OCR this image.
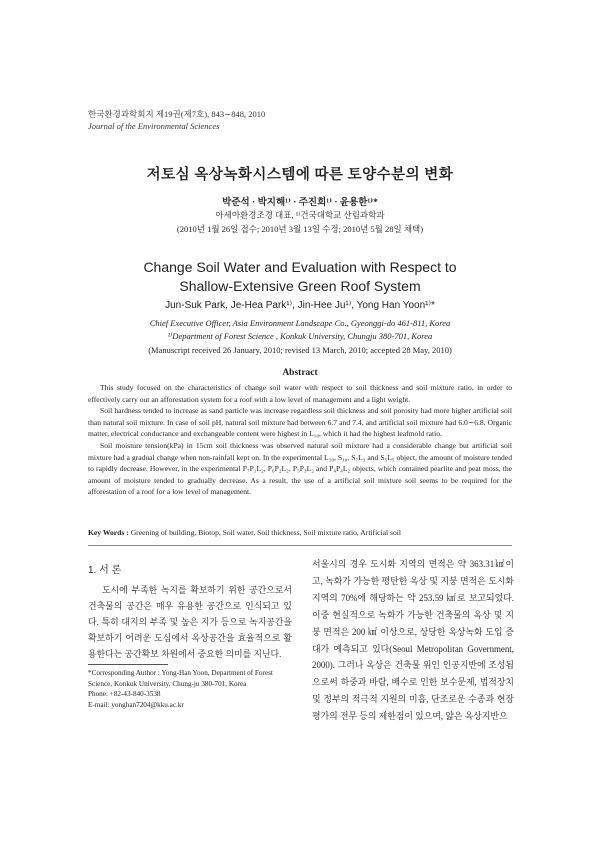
한국환경과학회지 제19권(제7호), 843∼848, 2010
Journal of the Environmental Sciences
저토심 옥상녹화시스템에 따른 토양수분의 변화
박준석 · 박지해¹⁾ · 주진희¹⁾ · 윤용한¹⁾*
아세아환경조경 대표, ¹⁾건국대학교 산림과학과
(2010년 1월 26일 접수; 2010년 3월 13일 수정; 2010년 5월 28일 채택)
Change Soil Water and Evaluation with Respect to
Shallow-Extensive Green Roof System
Jun-Suk Park, Je-Hea Park¹⁾, Jin-Hee Ju¹⁾, Yong Han Yoon¹⁾*
Chief Executive Officer, Asia Environment Landscape Co., Gyeonggi-do 461-811, Korea
¹⁾Department of Forest Science , Konkuk University, Chungju 380-701, Korea
(Manuscript received 26 January, 2010; revised 13 March, 2010; accepted 28 May, 2010)
Abstract

This study focused on the characteristics of change soil water with respect to soil thickness and soil mixture ratio, in order to effectively carry out an afforestation system for a roof with a low level of management and a light weight.

Soil hardness tended to increase as sand particle was increase regardless soil thickness and soil porosity had more higher artificial soil than natural soil mixture. In case of soil pH, natural soil mixture had between 6.7 and 7.4, and artificial soil mixture had 6.0∼6.8. Organic matter, electrical conductance and exchangeable content were highest in L₁₀, which it had the highest leafmold ratio.

Soil moisture tension(kPa) in 15cm soil thickness was observed natural soil mixture had a considerable change but artificial soil mixture had a gradual change when non-rainfall kept on. In the experimental L₁₀, S₁₀, S₇L₃ and S₅L₅ object, the amount of moisture tended to rapidly decrease. However, in the experimental P₇P₁L₂, P₆P₂L₂, P₅P₃L₂ and P₄P₄L₂ objects, which contained pearlite and peat moss, the amount of moisture tended to gradually decrease. As a result, the use of a artificial soil mixture soil seems to be required for the afforestation of a roof for a low level of management.

Key Words : Greening of building, Biotop, Soil water, Soil thickness, Soil mixture ratio, Artificial soil
1. 서 론

도시에 부족한 녹지를 확보하기 위한 공간으로서 건축물의 공간은 매우 유용한 공간으로 인식되고 있다. 특히 대지의 부족 및 높은 지가 등으로 녹지공간을 확보하기 어려운 도심에서 옥상공간을 효율적으로 활용한다는 공간확보 차원에서 중요한 의미를 지닌다.

*Corresponding Author : Yong-Han Yoon, Department of Forest Science, Konkuk University, Chung-ju 380-701, Korea
Phone: +82-43-840-3538
E-mail: yonghan7204@kku.ac.kr

서울시의 경우 도시화 지역의 면적은 약 363.31㎢이고, 녹화가 가능한 평탄한 옥상 및 지붕 면적은 도시화 지역의 70%에 해당하는 약 253.59 ㎢로 보고되었다. 이중 현실적으로 녹화가 가능한 건축물의 옥상 및 지붕 면적은 200 ㎢ 이상으로, 상당한 옥상녹화 도입 증대가 예측되고 있다(Seoul Metropolitan Government, 2000). 그러나 옥상은 건축물 위인 인공지반에 조성됨으로써 하중과 바람, 배수로 인한 보수문제, 법적장치 및 정부의 적극적 지원의 미흡, 단조로운 수종과 현장 평가의 전무 등의 제한점이 있으며, 얇은 옥상지반으
